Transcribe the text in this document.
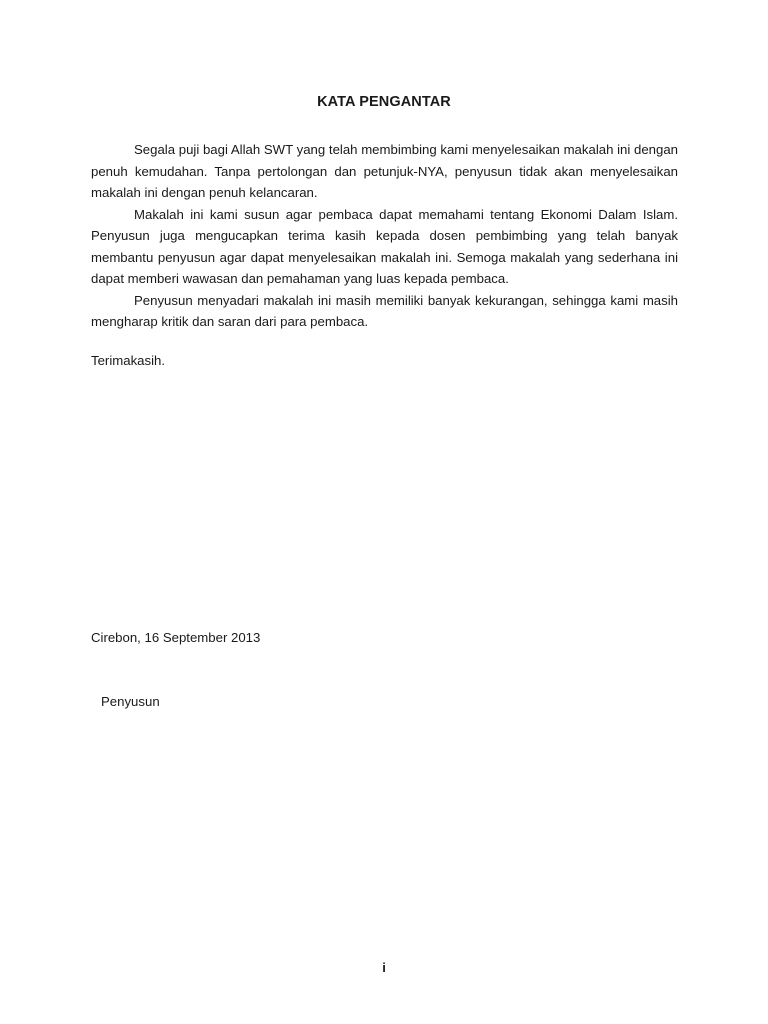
KATA PENGANTAR

Segala puji bagi Allah SWT yang telah membimbing kami menyelesaikan makalah ini dengan penuh kemudahan. Tanpa pertolongan dan petunjuk-NYA, penyusun tidak akan menyelesaikan makalah ini dengan penuh kelancaran.

Makalah ini kami susun agar pembaca dapat memahami tentang Ekonomi Dalam Islam. Penyusun juga mengucapkan terima kasih kepada dosen pembimbing yang telah banyak membantu penyusun agar dapat menyelesaikan makalah ini. Semoga makalah yang sederhana ini dapat memberi wawasan dan pemahaman yang luas kepada pembaca.

Penyusun menyadari makalah ini masih memiliki banyak kekurangan, sehingga kami masih mengharap kritik dan saran dari para pembaca.

Terimakasih.
Cirebon, 16 September 2013
Penyusun
i
